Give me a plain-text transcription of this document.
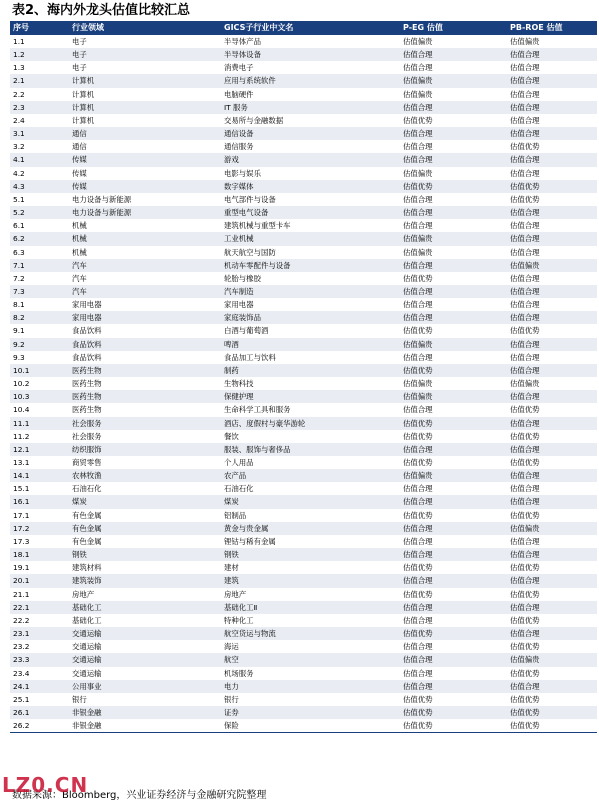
表2、海内外龙头估值比较汇总
序号	行业领域	GICS子行业中文名	P-EG 估值	PB-ROE 估值
1.1	电子	半导体产品	估值偏贵	估值偏贵
1.2	电子	半导体设备	估值合理	估值合理
1.3	电子	消费电子	估值合理	估值合理
2.1	计算机	应用与系统软件	估值偏贵	估值合理
2.2	计算机	电脑硬件	估值偏贵	估值合理
2.3	计算机	IT 服务	估值合理	估值合理
2.4	计算机	交易所与金融数据	估值优势	估值合理
3.1	通信	通信设备	估值合理	估值合理
3.2	通信	通信服务	估值合理	估值优势
4.1	传媒	游戏	估值合理	估值合理
4.2	传媒	电影与娱乐	估值偏贵	估值合理
4.3	传媒	数字媒体	估值优势	估值优势
5.1	电力设备与新能源	电气部件与设备	估值合理	估值优势
5.2	电力设备与新能源	重型电气设备	估值合理	估值合理
6.1	机械	建筑机械与重型卡车	估值合理	估值合理
6.2	机械	工业机械	估值偏贵	估值合理
6.3	机械	航天航空与国防	估值偏贵	估值合理
7.1	汽车	机动车零配件与设备	估值合理	估值偏贵
7.2	汽车	轮胎与橡胶	估值优势	估值合理
7.3	汽车	汽车制造	估值合理	估值合理
8.1	家用电器	家用电器	估值合理	估值合理
8.2	家用电器	家庭装饰品	估值合理	估值合理
9.1	食品饮料	白酒与葡萄酒	估值优势	估值优势
9.2	食品饮料	啤酒	估值偏贵	估值合理
9.3	食品饮料	食品加工与饮料	估值合理	估值合理
10.1	医药生物	制药	估值优势	估值合理
10.2	医药生物	生物科技	估值偏贵	估值偏贵
10.3	医药生物	保健护理	估值偏贵	估值合理
10.4	医药生物	生命科学工具和服务	估值合理	估值优势
11.1	社会服务	酒店、度假村与豪华游轮	估值优势	估值合理
11.2	社会服务	餐饮	估值优势	估值优势
12.1	纺织服饰	服装、服饰与奢侈品	估值合理	估值合理
13.1	商贸零售	个人用品	估值优势	估值优势
14.1	农林牧渔	农产品	估值偏贵	估值合理
15.1	石油石化	石油石化	估值合理	估值合理
16.1	煤炭	煤炭	估值合理	估值合理
17.1	有色金属	铝制品	估值优势	估值优势
17.2	有色金属	黄金与贵金属	估值合理	估值偏贵
17.3	有色金属	锂钴与稀有金属	估值合理	估值合理
18.1	钢铁	钢铁	估值合理	估值合理
19.1	建筑材料	建材	估值优势	估值优势
20.1	建筑装饰	建筑	估值合理	估值合理
21.1	房地产	房地产	估值优势	估值优势
22.1	基础化工	基础化工Ⅱ	估值合理	估值合理
22.2	基础化工	特种化工	估值合理	估值优势
23.1	交通运输	航空货运与物流	估值优势	估值合理
23.2	交通运输	海运	估值合理	估值优势
23.3	交通运输	航空	估值合理	估值偏贵
23.4	交通运输	机场服务	估值合理	估值优势
24.1	公用事业	电力	估值合理	估值合理
25.1	银行	银行	估值优势	估值优势
26.1	非银金融	证券	估值优势	估值优势
26.2	非银金融	保险	估值优势	估值优势
数据来源：Bloomberg，兴业证券经济与金融研究院整理
LZ0.CN
